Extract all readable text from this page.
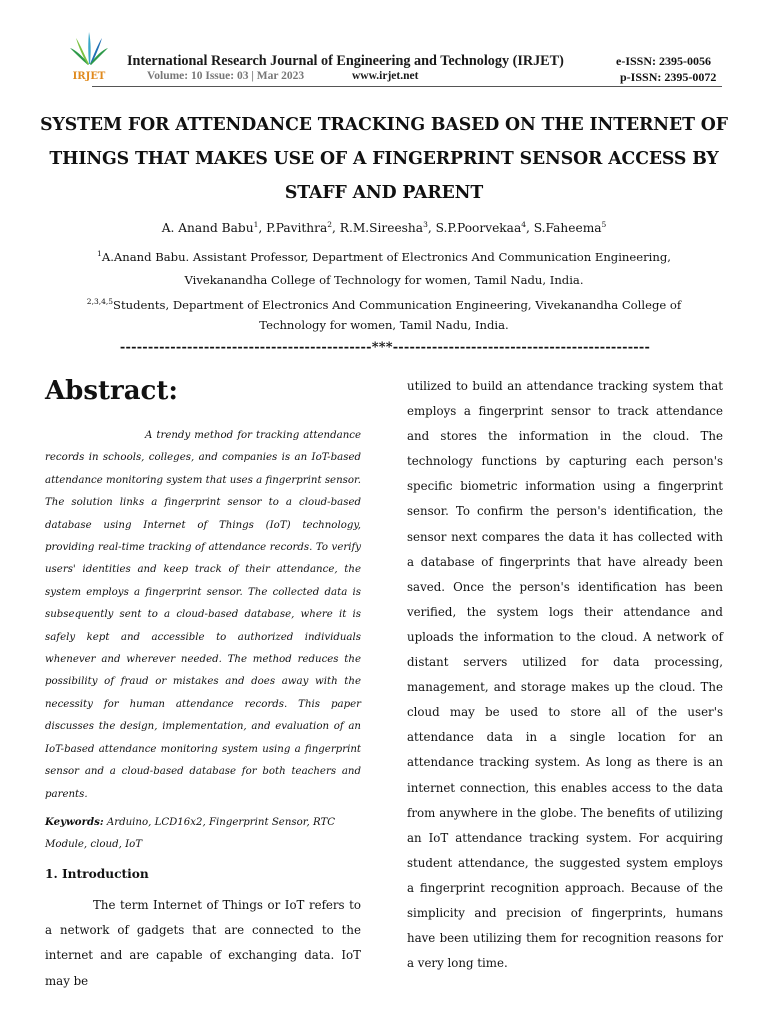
IRJET
International Research Journal of Engineering and Technology (IRJET)
Volume: 10 Issue: 03 | Mar 2023	www.irjet.net
e-ISSN: 2395-0056
p-ISSN: 2395-0072
SYSTEM FOR ATTENDANCE TRACKING BASED ON THE INTERNET OF THINGS THAT MAKES USE OF A FINGERPRINT SENSOR ACCESS BY STAFF AND PARENT
A. Anand Babu$^1$, P.Pavithra$^2$, R.M.Sireesha$^3$, S.P.Poorvekaa$^4$, S.Faheema$^5$
$^1$A.Anand Babu. Assistant Professor, Department of Electronics And Communication Engineering,
Vivekanandha College of Technology for women, Tamil Nadu, India.
$^{2,3,4,5}$Students, Department of Electronics And Communication Engineering, Vivekanandha College of
Technology for women, Tamil Nadu, India.
---------------------------------------------***----------------------------------------------
Abstract:
A trendy method for tracking attendance records in schools, colleges, and companies is an IoT-based attendance monitoring system that uses a fingerprint sensor. The solution links a fingerprint sensor to a cloud-based database using Internet of Things (IoT) technology, providing real-time tracking of attendance records. To verify users' identities and keep track of their attendance, the system employs a fingerprint sensor. The collected data is subsequently sent to a cloud-based database, where it is safely kept and accessible to authorized individuals whenever and wherever needed. The method reduces the possibility of fraud or mistakes and does away with the necessity for human attendance records. This paper discusses the design, implementation, and evaluation of an IoT-based attendance monitoring system using a fingerprint sensor and a cloud-based database for both teachers and parents.
Keywords: Arduino, LCD16x2, Fingerprint Sensor, RTC Module, cloud, IoT
1. Introduction
The term Internet of Things or IoT refers to a network of gadgets that are connected to the internet and are capable of exchanging data. IoT may be
utilized to build an attendance tracking system that employs a fingerprint sensor to track attendance and stores the information in the cloud. The technology functions by capturing each person's specific biometric information using a fingerprint sensor. To confirm the person's identification, the sensor next compares the data it has collected with a database of fingerprints that have already been saved. Once the person's identification has been verified, the system logs their attendance and uploads the information to the cloud. A network of distant servers utilized for data processing, management, and storage makes up the cloud. The cloud may be used to store all of the user's attendance data in a single location for an attendance tracking system. As long as there is an internet connection, this enables access to the data from anywhere in the globe. The benefits of utilizing an IoT attendance tracking system. For acquiring student attendance, the suggested system employs a fingerprint recognition approach. Because of the simplicity and precision of fingerprints, humans have been utilizing them for recognition reasons for a very long time.
